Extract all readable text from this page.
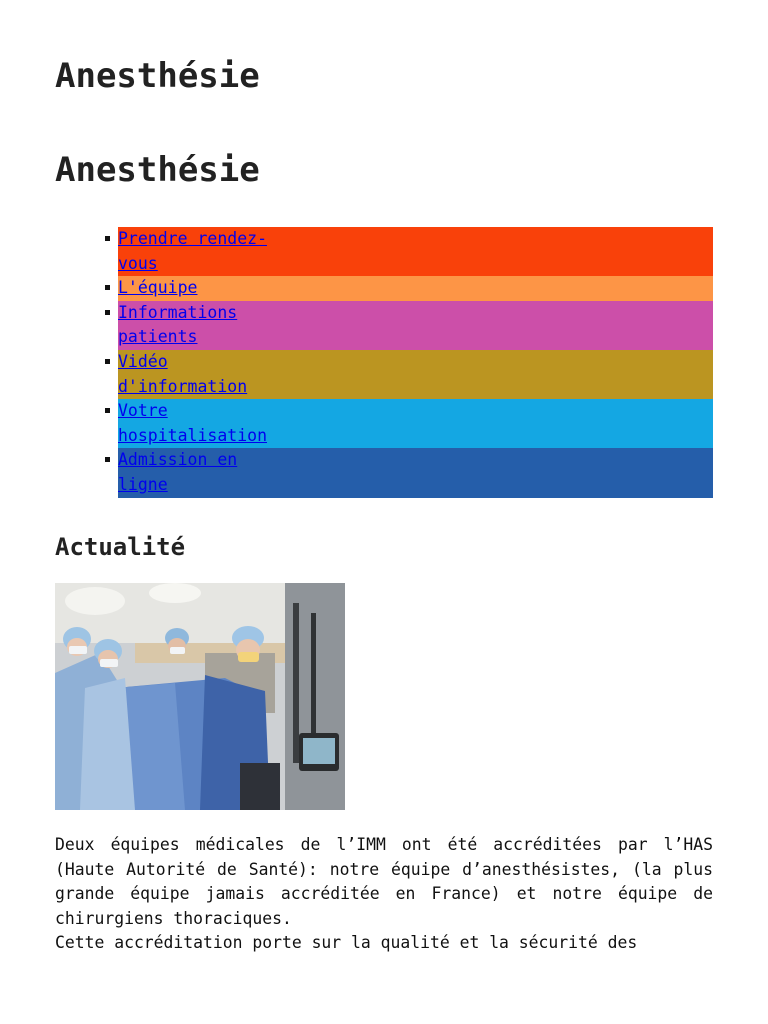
Anesthésie
Anesthésie
Prendre rendez-vous
L'équipe
Informations patients
Vidéo d'information
Votre hospitalisation
Admission en ligne
Actualité

Deux équipes médicales de l’IMM ont été accréditées par l’HAS (Haute Autorité de Santé): notre équipe d’anesthésistes, (la plus grande équipe jamais accréditée en France) et notre équipe de chirurgiens thoraciques.

Cette accréditation porte sur la qualité et la sécurité des
